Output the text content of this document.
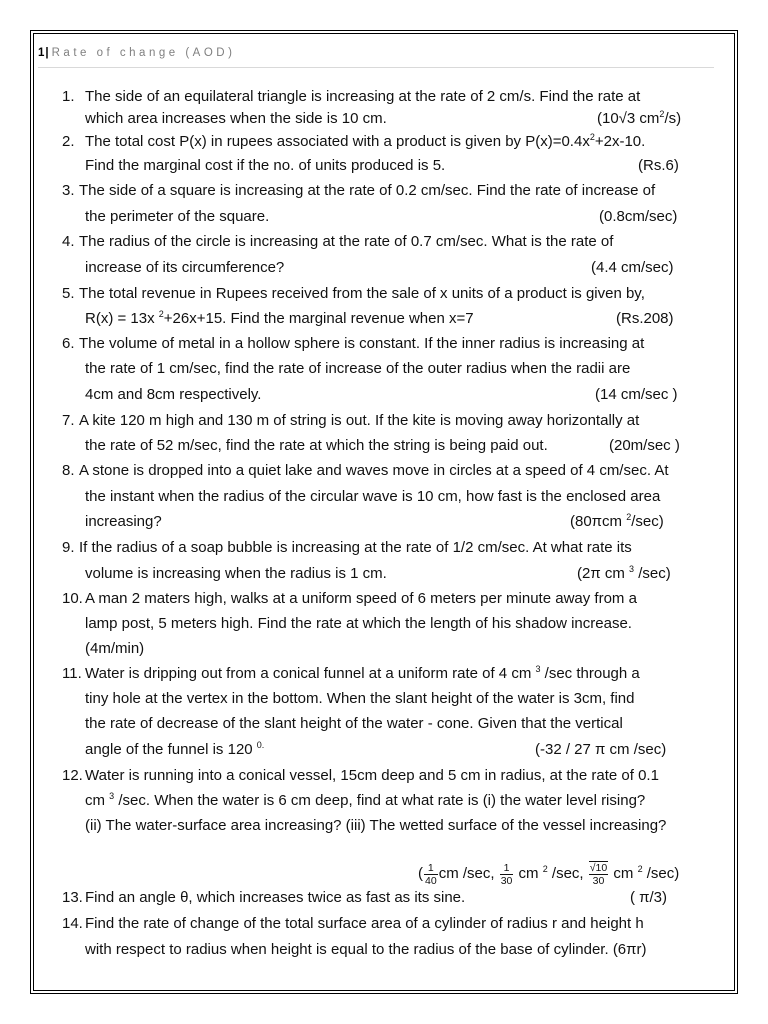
1| Rate of change (AOD)
1. The side of an equilateral triangle is increasing at the rate of 2 cm/s. Find the rate at
which area increases when the side is 10 cm.	(10√3 $cm^2/s$)
2. The total cost P(x) in rupees associated with a product is given by $P(x)=0.4x^2+2x-10$.
Find the marginal cost if the no. of units produced is 5.	(Rs.6)
3. The side of a square is increasing at the rate of 0.2 cm/sec. Find the rate of increase of
the perimeter of the square.	(0.8cm/sec)
4. The radius of the circle is increasing at the rate of 0.7 cm/sec. What is the rate of
increase of its circumference?	(4.4 cm/sec)
5. The total revenue in Rupees received from the sale of x units of a product is given by,
R(x) = 13x $^2$+26x+15. Find the marginal revenue when x=7	(Rs.208)
6. The volume of metal in a hollow sphere is constant. If the inner radius is increasing at
the rate of 1 cm/sec, find the rate of increase of the outer radius when the radii are
4cm and 8cm respectively.	(14 cm/sec )
7. A kite 120 m high and 130 m of string is out. If the kite is moving away horizontally at
the rate of 52 m/sec, find the rate at which the string is being paid out.	(20m/sec )
8. A stone is dropped into a quiet lake and waves move in circles at a speed of 4 cm/sec. At
the instant when the radius of the circular wave is 10 cm, how fast is the enclosed area
increasing?	(80πcm $^2$/sec)
9. If the radius of a soap bubble is increasing at the rate of 1/2 cm/sec. At what rate its
volume is increasing when the radius is 1 cm.	(2π cm $^3$ /sec)
10. A man 2 maters high, walks at a uniform speed of 6 meters per minute away from a
lamp post, 5 meters high. Find the rate at which the length of his shadow increase.
(4m/min)
11. Water is dripping out from a conical funnel at a uniform rate of 4 cm $^3$ /sec through a
tiny hole at the vertex in the bottom. When the slant height of the water is 3cm, find
the rate of decrease of the slant height of the water - cone. Given that the vertical
angle of the funnel is 120 $^{0.}$	(-32 / 27 π cm /sec)
12. Water is running into a conical vessel, 15cm deep and 5 cm in radius, at the rate of 0.1
cm $^3$ /sec. When the water is 6 cm deep, find at what rate is (i) the water level rising?
(ii) The water-surface area increasing? (iii) The wetted surface of the vessel increasing?
( $\frac{1}{40}$ cm /sec, $\frac{1}{30}$ cm $^2$ /sec, $\frac{√10}{30}$ cm $^2$ /sec)
13. Find an angle θ, which increases twice as fast as its sine.	( π/3)
14. Find the rate of change of the total surface area of a cylinder of radius r and height h
with respect to radius when height is equal to the radius of the base of cylinder. (6πr)
